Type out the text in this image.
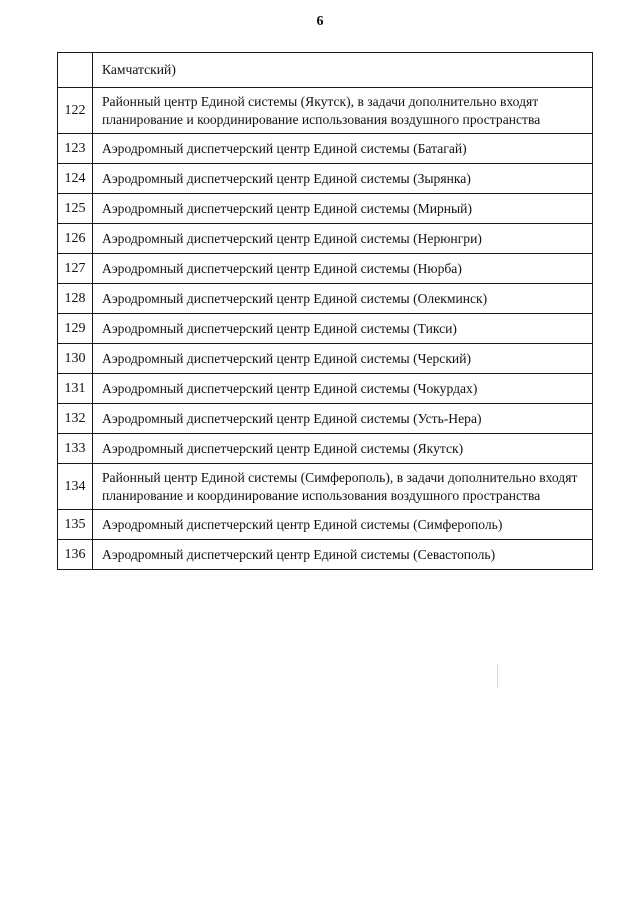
6
	Камчатский)
122	Районный центр Единой системы (Якутск), в задачи дополнительно входят планирование и координирование использования воздушного пространства
123	Аэродромный диспетчерский центр Единой системы (Батагай)
124	Аэродромный диспетчерский центр Единой системы (Зырянка)
125	Аэродромный диспетчерский центр Единой системы (Мирный)
126	Аэродромный диспетчерский центр Единой системы (Нерюнгри)
127	Аэродромный диспетчерский центр Единой системы (Нюрба)
128	Аэродромный диспетчерский центр Единой системы (Олекминск)
129	Аэродромный диспетчерский центр Единой системы (Тикси)
130	Аэродромный диспетчерский центр Единой системы (Черский)
131	Аэродромный диспетчерский центр Единой системы (Чокурдах)
132	Аэродромный диспетчерский центр Единой системы (Усть-Нера)
133	Аэродромный диспетчерский центр Единой системы (Якутск)
134	Районный центр Единой системы (Симферополь), в задачи дополнительно входят планирование и координирование использования воздушного пространства
135	Аэродромный диспетчерский центр Единой системы (Симферополь)
136	Аэродромный диспетчерский центр Единой системы (Севастополь)
